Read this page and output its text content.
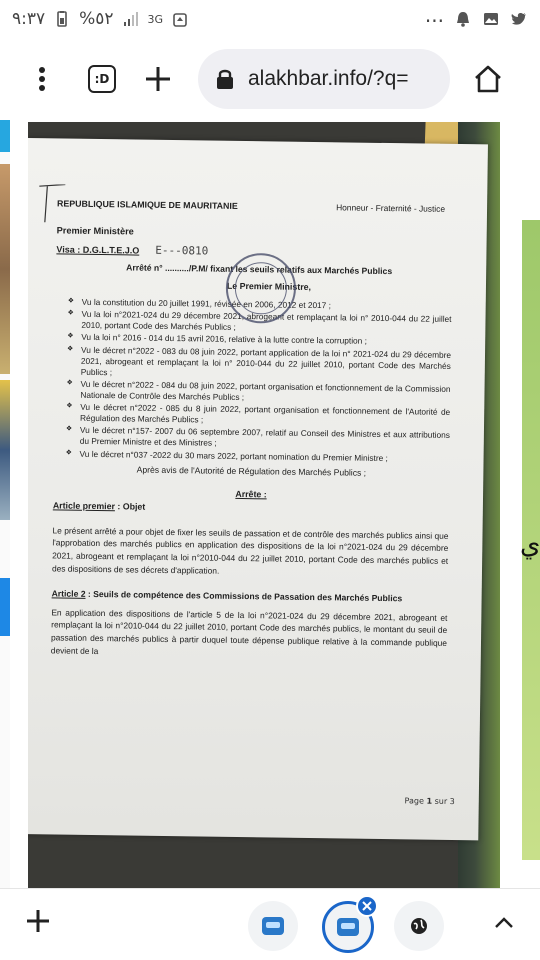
٩:٣٧ %٥٢	3G	...
:D	alakhbar.info/?q=
REPUBLIQUE ISLAMIQUE DE MAURITANIE	Honneur - Fraternité - Justice
Premier Ministère
Visa : D.G.L.T.E.J.O E---0810
Arrêté n° ........../P.M/ fixant les seuils relatifs aux Marchés Publics
Le Premier Ministre,
❖ Vu la constitution du 20 juillet 1991, révisée en 2006, 2012 et 2017 ;
❖ Vu la loi n°2021-024 du 29 décembre 2021, abrogeant et remplaçant la loi n° 2010-044 du 22 juillet 2010, portant Code des Marchés Publics ;
❖ Vu la loi n° 2016 - 014 du 15 avril 2016, relative à la lutte contre la corruption ;
❖ Vu le décret n°2022 - 083 du 08 juin 2022, portant application de la loi n° 2021-024 du 29 décembre 2021, abrogeant et remplaçant la loi n° 2010-044 du 22 juillet 2010, portant Code des Marchés Publics ;
❖ Vu le décret n°2022 - 084 du 08 juin 2022, portant organisation et fonctionnement de la Commission Nationale de Contrôle des Marchés Publics ;
❖ Vu le décret n°2022 - 085 du 8 juin 2022, portant organisation et fonctionnement de l'Autorité de Régulation des Marchés Publics ;
❖ Vu le décret n°157- 2007 du 06 septembre 2007, relatif au Conseil des Ministres et aux attributions du Premier Ministre et des Ministres ;
❖ Vu le décret n°037 -2022 du 30 mars 2022, portant nomination du Premier Ministre ;
Après avis de l'Autorité de Régulation des Marchés Publics ;
Arrête :
Article premier : Objet
Le présent arrêté a pour objet de fixer les seuils de passation et de contrôle des marchés publics ainsi que l'approbation des marchés publics en application des dispositions de la loi n°2021-024 du 29 décembre 2021, abrogeant et remplaçant la loi n°2010-044 du 22 juillet 2010, portant Code des marchés publics et des dispositions de ses décrets d'application.
Article 2 : Seuils de compétence des Commissions de Passation des Marchés Publics
En application des dispositions de l'article 5 de la loi n°2021-024 du 29 décembre 2021, abrogeant et remplaçant la loi n°2010-044 du 22 juillet 2010, portant Code des marchés publics, le montant du seuil de passation des marchés publics à partir duquel toute dépense publique relative à la commande publique devient de la
Page 1 sur 3
ي
